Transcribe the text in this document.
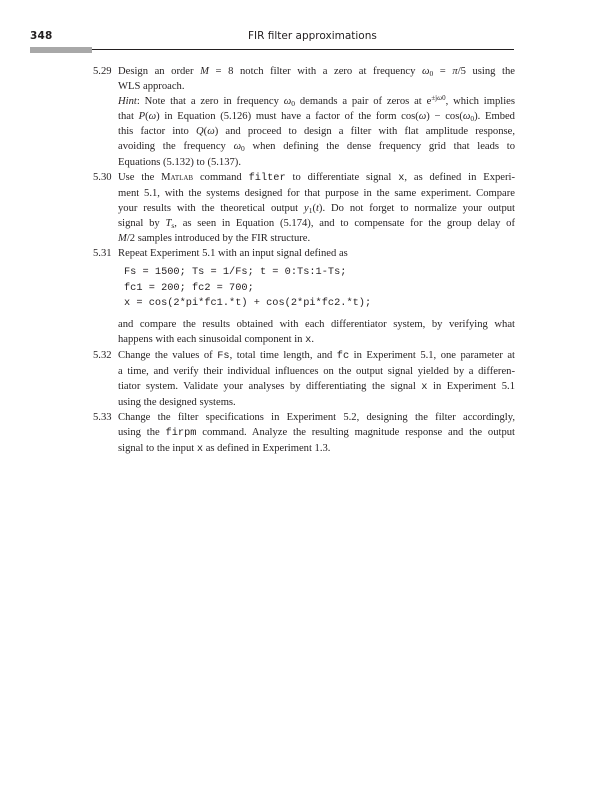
348	FIR filter approximations
5.29 Design an order M = 8 notch filter with a zero at frequency $\omega_0 = \pi/5$ using the
WLS approach.
Hint: Note that a zero in frequency $\omega_0$ demands a pair of zeros at $e^{\pm j\omega 0}$, which implies
that P(ω) in Equation (5.126) must have a factor of the form $\cos(\omega) - \cos(\omega_0)$. Embed
this factor into Q(ω) and proceed to design a filter with flat amplitude response,
avoiding the frequency $\omega_0$ when defining the dense frequency grid that leads to
Equations (5.132) to (5.137).
5.30 Use the Matlab command filter to differentiate signal x, as defined in Experi-
ment 5.1, with the systems designed for that purpose in the same experiment. Compare
your results with the theoretical output $y_1(t)$. Do not forget to normalize your output
signal by $T_s$, as seen in Equation (5.174), and to compensate for the group delay of
M/2 samples introduced by the FIR structure.
5.31 Repeat Experiment 5.1 with an input signal defined as
Fs = 1500; Ts = 1/Fs; t = 0:Ts:1-Ts;
fc1 = 200; fc2 = 700;
x = cos(2*pi*fc1.*t) + cos(2*pi*fc2.*t);
and compare the results obtained with each differentiator system, by verifying what
happens with each sinusoidal component in x.
5.32 Change the values of Fs, total time length, and fc in Experiment 5.1, one parameter at
a time, and verify their individual influences on the output signal yielded by a differen-
tiator system. Validate your analyses by differentiating the signal x in Experiment 5.1
using the designed systems.
5.33 Change the filter specifications in Experiment 5.2, designing the filter accordingly,
using the firpm command. Analyze the resulting magnitude response and the output
signal to the input x as defined in Experiment 1.3.
